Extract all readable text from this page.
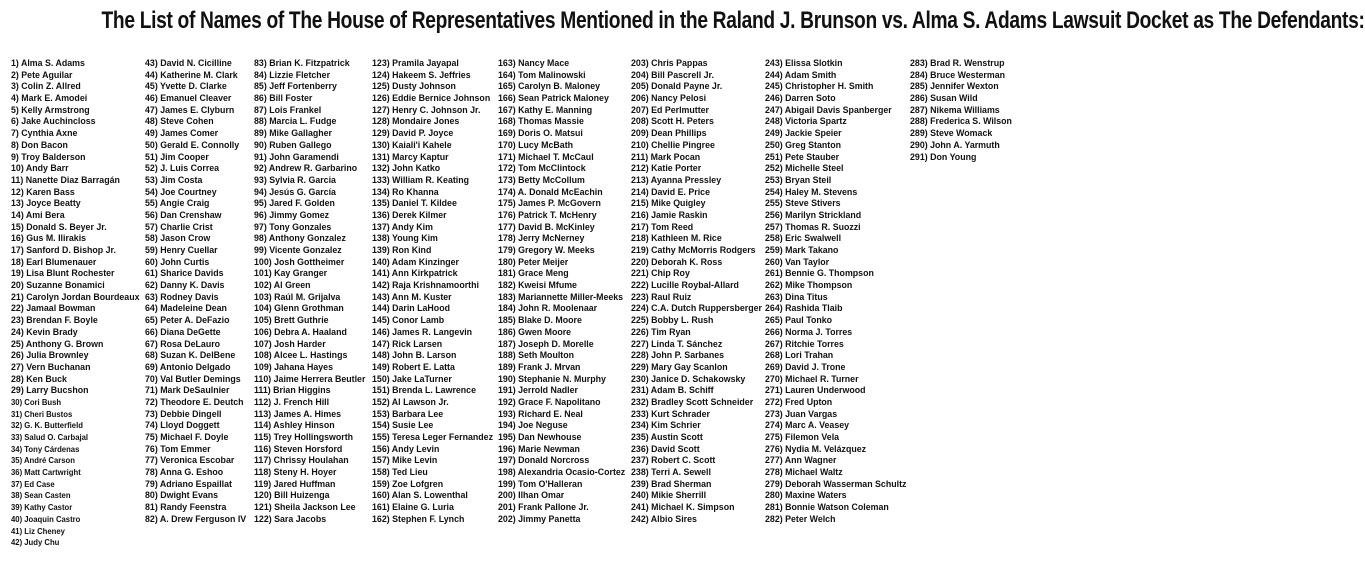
The List of Names of The House of Representatives Mentioned in the Raland J. Brunson vs. Alma S. Adams Lawsuit Docket as The Defendants:
1) Alma S. Adams
2) Pete Aguilar
3) Colin Z. Allred
4) Mark E. Amodei
5) Kelly Armstrong
6) Jake Auchincloss
7) Cynthia Axne
8) Don Bacon
9) Troy Balderson
10) Andy Barr
11) Nanette Diaz Barragán
12) Karen Bass
13) Joyce Beatty
14) Ami Bera
15) Donald S. Beyer Jr.
16) Gus M. Ilirakis
17) Sanford D. Bishop Jr.
18) Earl Blumenauer
19) Lisa Blunt Rochester
20) Suzanne Bonamici
21) Carolyn Jordan Bourdeaux
22) Jamaal Bowman
23) Brendan F. Boyle
24) Kevin Brady
25) Anthony G. Brown
26) Julia Brownley
27) Vern Buchanan
28) Ken Buck
29) Larry Bucshon
30) Cori Bush
31) Cheri Bustos
32) G. K. Butterfield
33) Salud O. Carbajal
34) Tony Cárdenas
35) André Carson
36) Matt Cartwright
37) Ed Case
38) Sean Casten
39) Kathy Castor
40) Joaquin Castro
41) Liz Cheney
42) Judy Chu
43) David N. Cicilline
44) Katherine M. Clark
45) Yvette D. Clarke
46) Emanuel Cleaver
47) James E. Clyburn
48) Steve Cohen
49) James Comer
50) Gerald E. Connolly
51) Jim Cooper
52) J. Luis Correa
53) Jim Costa
54) Joe Courtney
55) Angie Craig
56) Dan Crenshaw
57) Charlie Crist
58) Jason Crow
59) Henry Cuellar
60) John Curtis
61) Sharice Davids
62) Danny K. Davis
63) Rodney Davis
64) Madeleine Dean
65) Peter A. DeFazio
66) Diana DeGette
67) Rosa DeLauro
68) Suzan K. DelBene
69) Antonio Delgado
70) Val Butler Demings
71) Mark DeSaulnier
72) Theodore E. Deutch
73) Debbie Dingell
74) Lloyd Doggett
75) Michael F. Doyle
76) Tom Emmer
77) Veronica Escobar
78) Anna G. Eshoo
79) Adriano Espaillat
80) Dwight Evans
81) Randy Feenstra
82) A. Drew Ferguson IV
83) Brian K. Fitzpatrick
84) Lizzie Fletcher
85) Jeff Fortenberry
86) Bill Foster
87) Lois Frankel
88) Marcia L. Fudge
89) Mike Gallagher
90) Ruben Gallego
91) John Garamendi
92) Andrew R. Garbarino
93) Sylvia R. Garcia
94) Jesús G. García
95) Jared F. Golden
96) Jimmy Gomez
97) Tony Gonzales
98) Anthony Gonzalez
99) Vicente Gonzalez
100) Josh Gottheimer
101) Kay Granger
102) Al Green
103) Raúl M. Grijalva
104) Glenn Grothman
105) Brett Guthrie
106) Debra A. Haaland
107) Josh Harder
108) Alcee L. Hastings
109) Jahana Hayes
110) Jaime Herrera Beutler
111) Brian Higgins
112) J. French Hill
113) James A. Himes
114) Ashley Hinson
115) Trey Hollingsworth
116) Steven Horsford
117) Chrissy Houlahan
118) Steny H. Hoyer
119) Jared Huffman
120) Bill Huizenga
121) Sheila Jackson Lee
122) Sara Jacobs
123) Pramila Jayapal
124) Hakeem S. Jeffries
125) Dusty Johnson
126) Eddie Bernice Johnson
127) Henry C. Johnson Jr.
128) Mondaire Jones
129) David P. Joyce
130) Kaiali'i Kahele
131) Marcy Kaptur
132) John Katko
133) William R. Keating
134) Ro Khanna
135) Daniel T. Kildee
136) Derek Kilmer
137) Andy Kim
138) Young Kim
139) Ron Kind
140) Adam Kinzinger
141) Ann Kirkpatrick
142) Raja Krishnamoorthi
143) Ann M. Kuster
144) Darin LaHood
145) Conor Lamb
146) James R. Langevin
147) Rick Larsen
148) John B. Larson
149) Robert E. Latta
150) Jake LaTurner
151) Brenda L. Lawrence
152) Al Lawson Jr.
153) Barbara Lee
154) Susie Lee
155) Teresa Leger Fernandez
156) Andy Levin
157) Mike Levin
158) Ted Lieu
159) Zoe Lofgren
160) Alan S. Lowenthal
161) Elaine G. Luria
162) Stephen F. Lynch
163) Nancy Mace
164) Tom Malinowski
165) Carolyn B. Maloney
166) Sean Patrick Maloney
167) Kathy E. Manning
168) Thomas Massie
169) Doris O. Matsui
170) Lucy McBath
171) Michael T. McCaul
172) Tom McClintock
173) Betty McCollum
174) A. Donald McEachin
175) James P. McGovern
176) Patrick T. McHenry
177) David B. McKinley
178) Jerry McNerney
179) Gregory W. Meeks
180) Peter Meijer
181) Grace Meng
182) Kweisi Mfume
183) Mariannette Miller-Meeks
184) John R. Moolenaar
185) Blake D. Moore
186) Gwen Moore
187) Joseph D. Morelle
188) Seth Moulton
189) Frank J. Mrvan
190) Stephanie N. Murphy
191) Jerrold Nadler
192) Grace F. Napolitano
193) Richard E. Neal
194) Joe Neguse
195) Dan Newhouse
196) Marie Newman
197) Donald Norcross
198) Alexandria Ocasio-Cortez
199) Tom O'Halleran
200) Ilhan Omar
201) Frank Pallone Jr.
202) Jimmy Panetta
203) Chris Pappas
204) Bill Pascrell Jr.
205) Donald Payne Jr.
206) Nancy Pelosi
207) Ed Perlmutter
208) Scott H. Peters
209) Dean Phillips
210) Chellie Pingree
211) Mark Pocan
212) Katie Porter
213) Ayanna Pressley
214) David E. Price
215) Mike Quigley
216) Jamie Raskin
217) Tom Reed
218) Kathleen M. Rice
219) Cathy McMorris Rodgers
220) Deborah K. Ross
221) Chip Roy
222) Lucille Roybal-Allard
223) Raul Ruiz
224) C.A. Dutch Ruppersberger
225) Bobby L. Rush
226) Tim Ryan
227) Linda T. Sánchez
228) John P. Sarbanes
229) Mary Gay Scanlon
230) Janice D. Schakowsky
231) Adam B. Schiff
232) Bradley Scott Schneider
233) Kurt Schrader
234) Kim Schrier
235) Austin Scott
236) David Scott
237) Robert C. Scott
238) Terri A. Sewell
239) Brad Sherman
240) Mikie Sherrill
241) Michael K. Simpson
242) Albio Sires
243) Elissa Slotkin
244) Adam Smith
245) Christopher H. Smith
246) Darren Soto
247) Abigail Davis Spanberger
248) Victoria Spartz
249) Jackie Speier
250) Greg Stanton
251) Pete Stauber
252) Michelle Steel
253) Bryan Steil
254) Haley M. Stevens
255) Steve Stivers
256) Marilyn Strickland
257) Thomas R. Suozzi
258) Eric Swalwell
259) Mark Takano
260) Van Taylor
261) Bennie G. Thompson
262) Mike Thompson
263) Dina Titus
264) Rashida Tlaib
265) Paul Tonko
266) Norma J. Torres
267) Ritchie Torres
268) Lori Trahan
269) David J. Trone
270) Michael R. Turner
271) Lauren Underwood
272) Fred Upton
273) Juan Vargas
274) Marc A. Veasey
275) Filemon Vela
276) Nydia M. Velázquez
277) Ann Wagner
278) Michael Waltz
279) Deborah Wasserman Schultz
280) Maxine Waters
281) Bonnie Watson Coleman
282) Peter Welch
283) Brad R. Wenstrup
284) Bruce Westerman
285) Jennifer Wexton
286) Susan Wild
287) Nikema Williams
288) Frederica S. Wilson
289) Steve Womack
290) John A. Yarmuth
291) Don Young
